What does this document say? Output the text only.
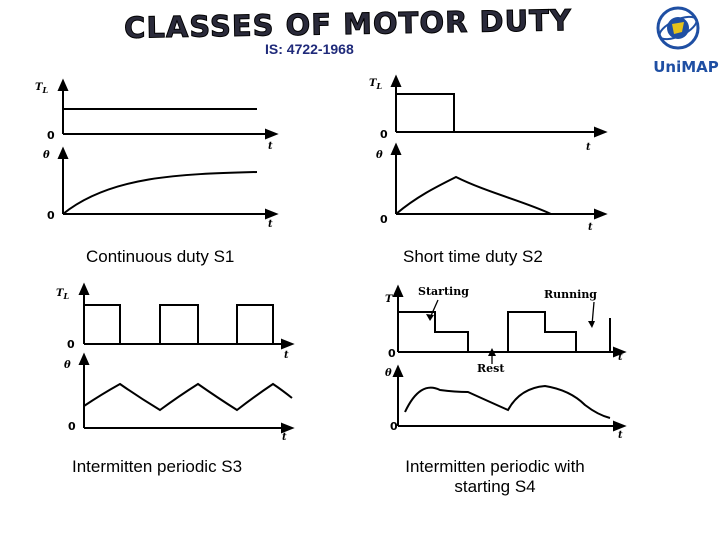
CLASSES OF MOTOR DUTY
IS: 4722-1968
UniMAP
$T_L$
0
t
θ
0
t
Continuous duty S1
$T_L$
0
t
θ
0
t
Short time duty S2
$T_L$
0
t
θ
0
t
Intermitten periodic S3
T
0	t
θ
0
t
Starting	Running
Rest
Intermitten periodic with
starting S4
